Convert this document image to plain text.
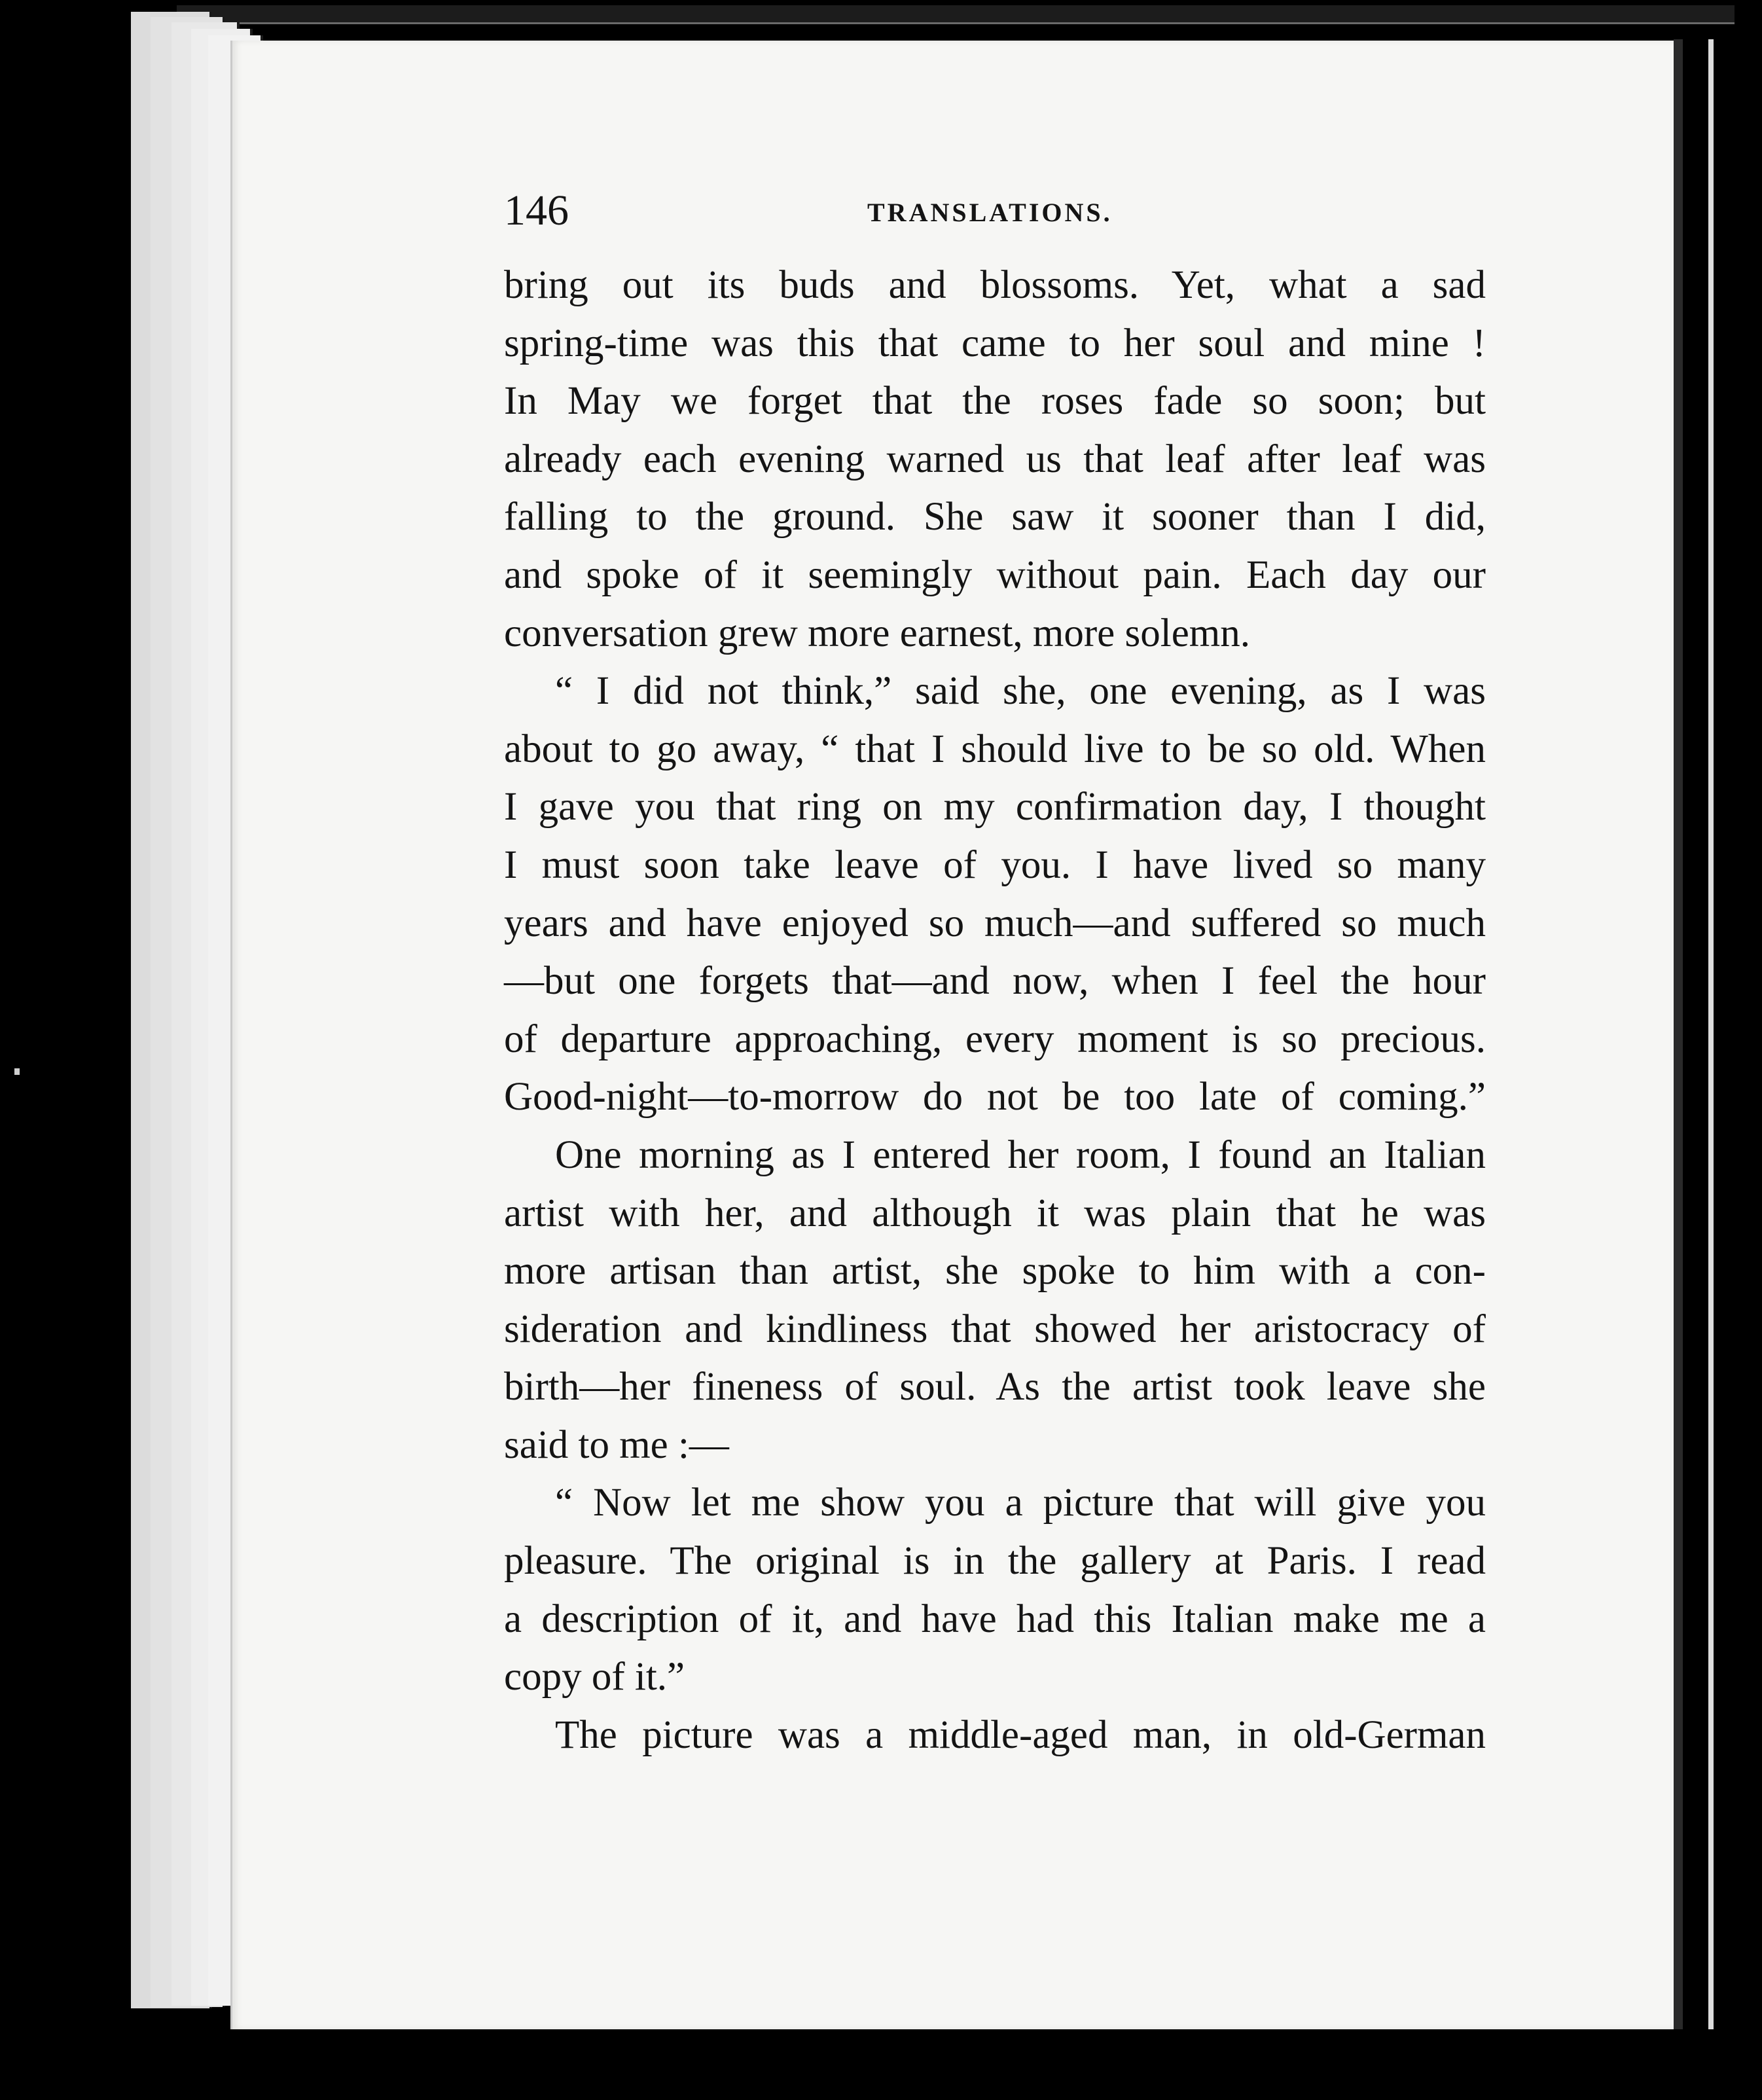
146	TRANSLATIONS.
bring out its buds and blossoms. Yet, what a sad
spring-time was this that came to her soul and mine !
In May we forget that the roses fade so soon; but
already each evening warned us that leaf after leaf was
falling to the ground. She saw it sooner than I did,
and spoke of it seemingly without pain. Each day our
conversation grew more earnest, more solemn.
“ I did not think,” said she, one evening, as I was
about to go away, “ that I should live to be so old. When
I gave you that ring on my confirmation day, I thought
I must soon take leave of you. I have lived so many
years and have enjoyed so much—and suffered so much
—but one forgets that—and now, when I feel the hour
of departure approaching, every moment is so precious.
Good-night—to-morrow do not be too late of coming.”
One morning as I entered her room, I found an Italian
artist with her, and although it was plain that he was
more artisan than artist, she spoke to him with a con-
sideration and kindliness that showed her aristocracy of
birth—her fineness of soul. As the artist took leave she
said to me :—
“ Now let me show you a picture that will give you
pleasure. The original is in the gallery at Paris. I read
a description of it, and have had this Italian make me a
copy of it.”
The picture was a middle-aged man, in old-German
